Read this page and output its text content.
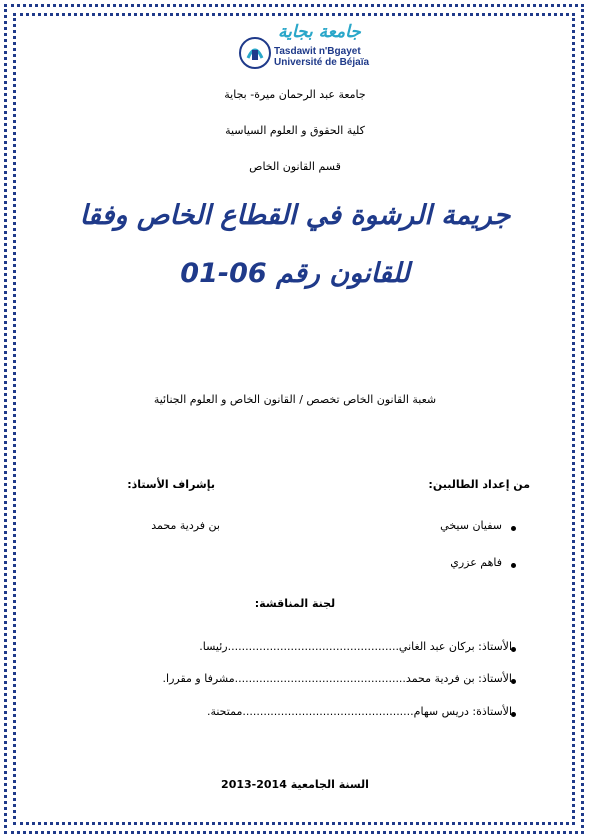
جامعة بجاية
Tasdawit n'Bgayet
Université de Béjaïa
جامعة عبد الرحمان ميرة- بجاية
كلية الحقوق و العلوم السياسية
قسم القانون الخاص
جريمة الرشوة في القطاع الخاص وفقا
للقانون رقم 06-01
شعبة القانون الخاص تخصص / القانون الخاص و العلوم الجنائية
من إعداد الطالبين:
بإشراف الأستاذ:
سفيان سيخي
بن فردية محمد
فاهم عزري
لجنة المناقشة:
الأستاذ: بركان عبد الغاني.................................................رئيسا.
الأستاذ: بن فردية محمد.................................................مشرفا و مقررا.
الأستاذة: دريس سهام.................................................ممتحنة.
السنة الجامعية 2014-2013
